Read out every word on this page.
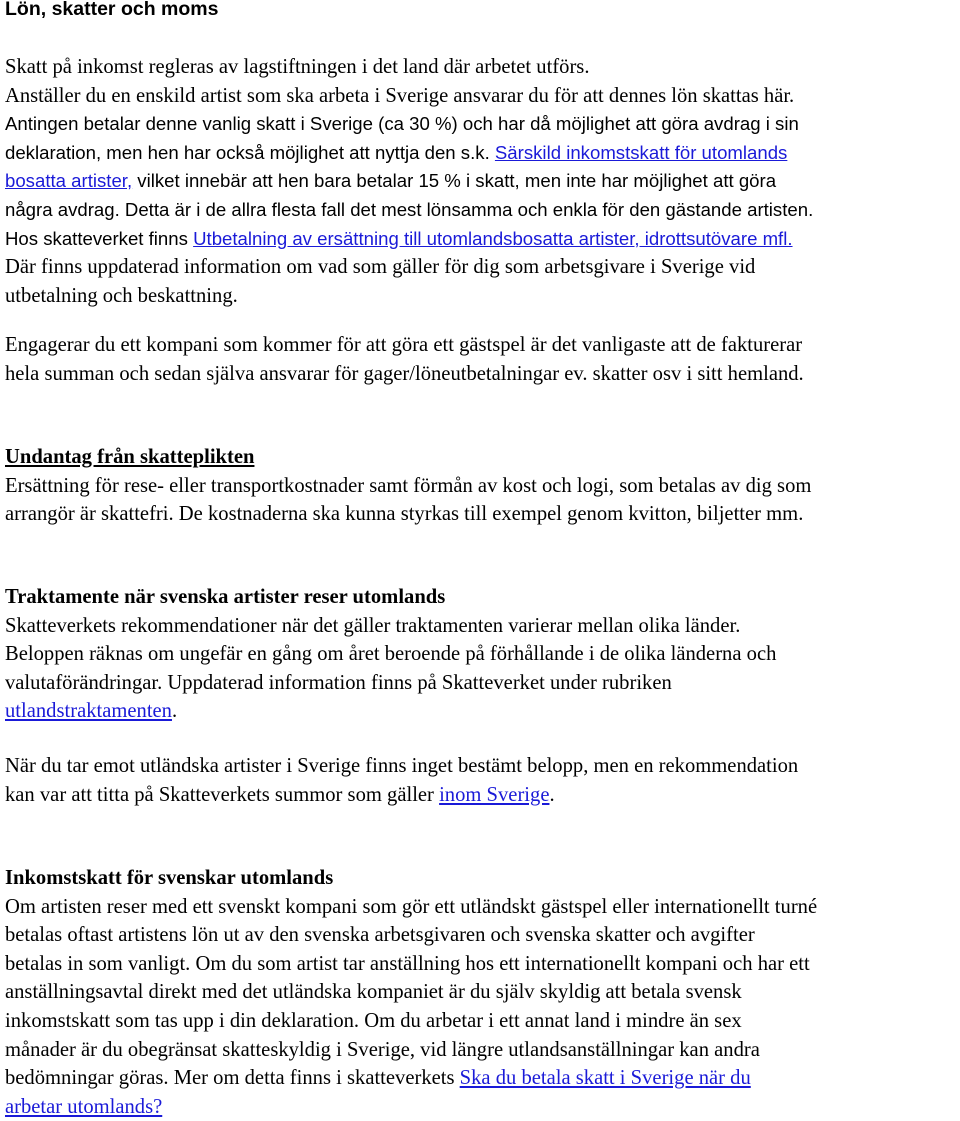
Lön, skatter och moms
Skatt på inkomst regleras av lagstiftningen i det land där arbetet utförs.
Anställer du en enskild artist som ska arbeta i Sverige ansvarar du för att dennes lön skattas här.
Antingen betalar denne vanlig skatt i Sverige (ca 30 %) och har då möjlighet att göra avdrag i sin
deklaration, men hen har också möjlighet att nyttja den s.k. Särskild inkomstskatt för utomlands
bosatta artister, vilket innebär att hen bara betalar 15 % i skatt, men inte har möjlighet att göra
några avdrag. Detta är i de allra flesta fall det mest lönsamma och enkla för den gästande artisten.
Hos skatteverket finns Utbetalning av ersättning till utomlandsbosatta artister, idrottsutövare mfl.
Där finns uppdaterad information om vad som gäller för dig som arbetsgivare i Sverige vid
utbetalning och beskattning.
Engagerar du ett kompani som kommer för att göra ett gästspel är det vanligaste att de fakturerar
hela summan och sedan själva ansvarar för gager/löneutbetalningar ev. skatter osv i sitt hemland.
Undantag från skatteplikten
Ersättning för rese- eller transportkostnader samt förmån av kost och logi, som betalas av dig som
arrangör är skattefri. De kostnaderna ska kunna styrkas till exempel genom kvitton, biljetter mm.
Traktamente när svenska artister reser utomlands
Skatteverkets rekommendationer när det gäller traktamenten varierar mellan olika länder.
Beloppen räknas om ungefär en gång om året beroende på förhållande i de olika länderna och
valutaförändringar. Uppdaterad information finns på Skatteverket under rubriken
utlandstraktamenten.
När du tar emot utländska artister i Sverige finns inget bestämt belopp, men en rekommendation
kan var att titta på Skatteverkets summor som gäller inom Sverige.
Inkomstskatt för svenskar utomlands
Om artisten reser med ett svenskt kompani som gör ett utländskt gästspel eller internationellt turné
betalas oftast artistens lön ut av den svenska arbetsgivaren och svenska skatter och avgifter
betalas in som vanligt. Om du som artist tar anställning hos ett internationellt kompani och har ett
anställningsavtal direkt med det utländska kompaniet är du själv skyldig att betala svensk
inkomstskatt som tas upp i din deklaration. Om du arbetar i ett annat land i mindre än sex
månader är du obegränsat skatteskyldig i Sverige, vid längre utlandsanställningar kan andra
bedömningar göras. Mer om detta finns i skatteverkets Ska du betala skatt i Sverige när du
arbetar utomlands?
